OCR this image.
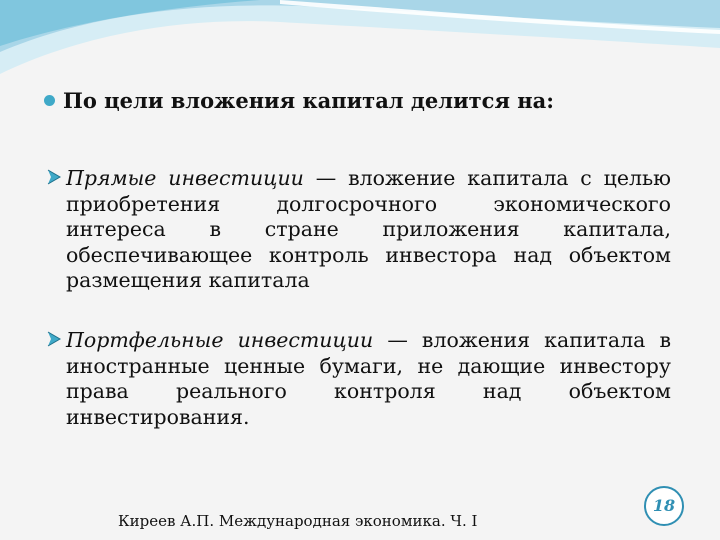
По цели вложения капитал делится на:
Прямые инвестиции — вложение капитала с целью приобретения долгосрочного экономического интереса в стране приложения капитала, обеспечивающее контроль инвестора над объектом размещения капитала
Портфельные инвестиции — вложения капитала в иностранные ценные бумаги, не дающие инвестору права реального контроля над объектом инвестирования.
Киреев А.П. Международная экономика. Ч. I
18
